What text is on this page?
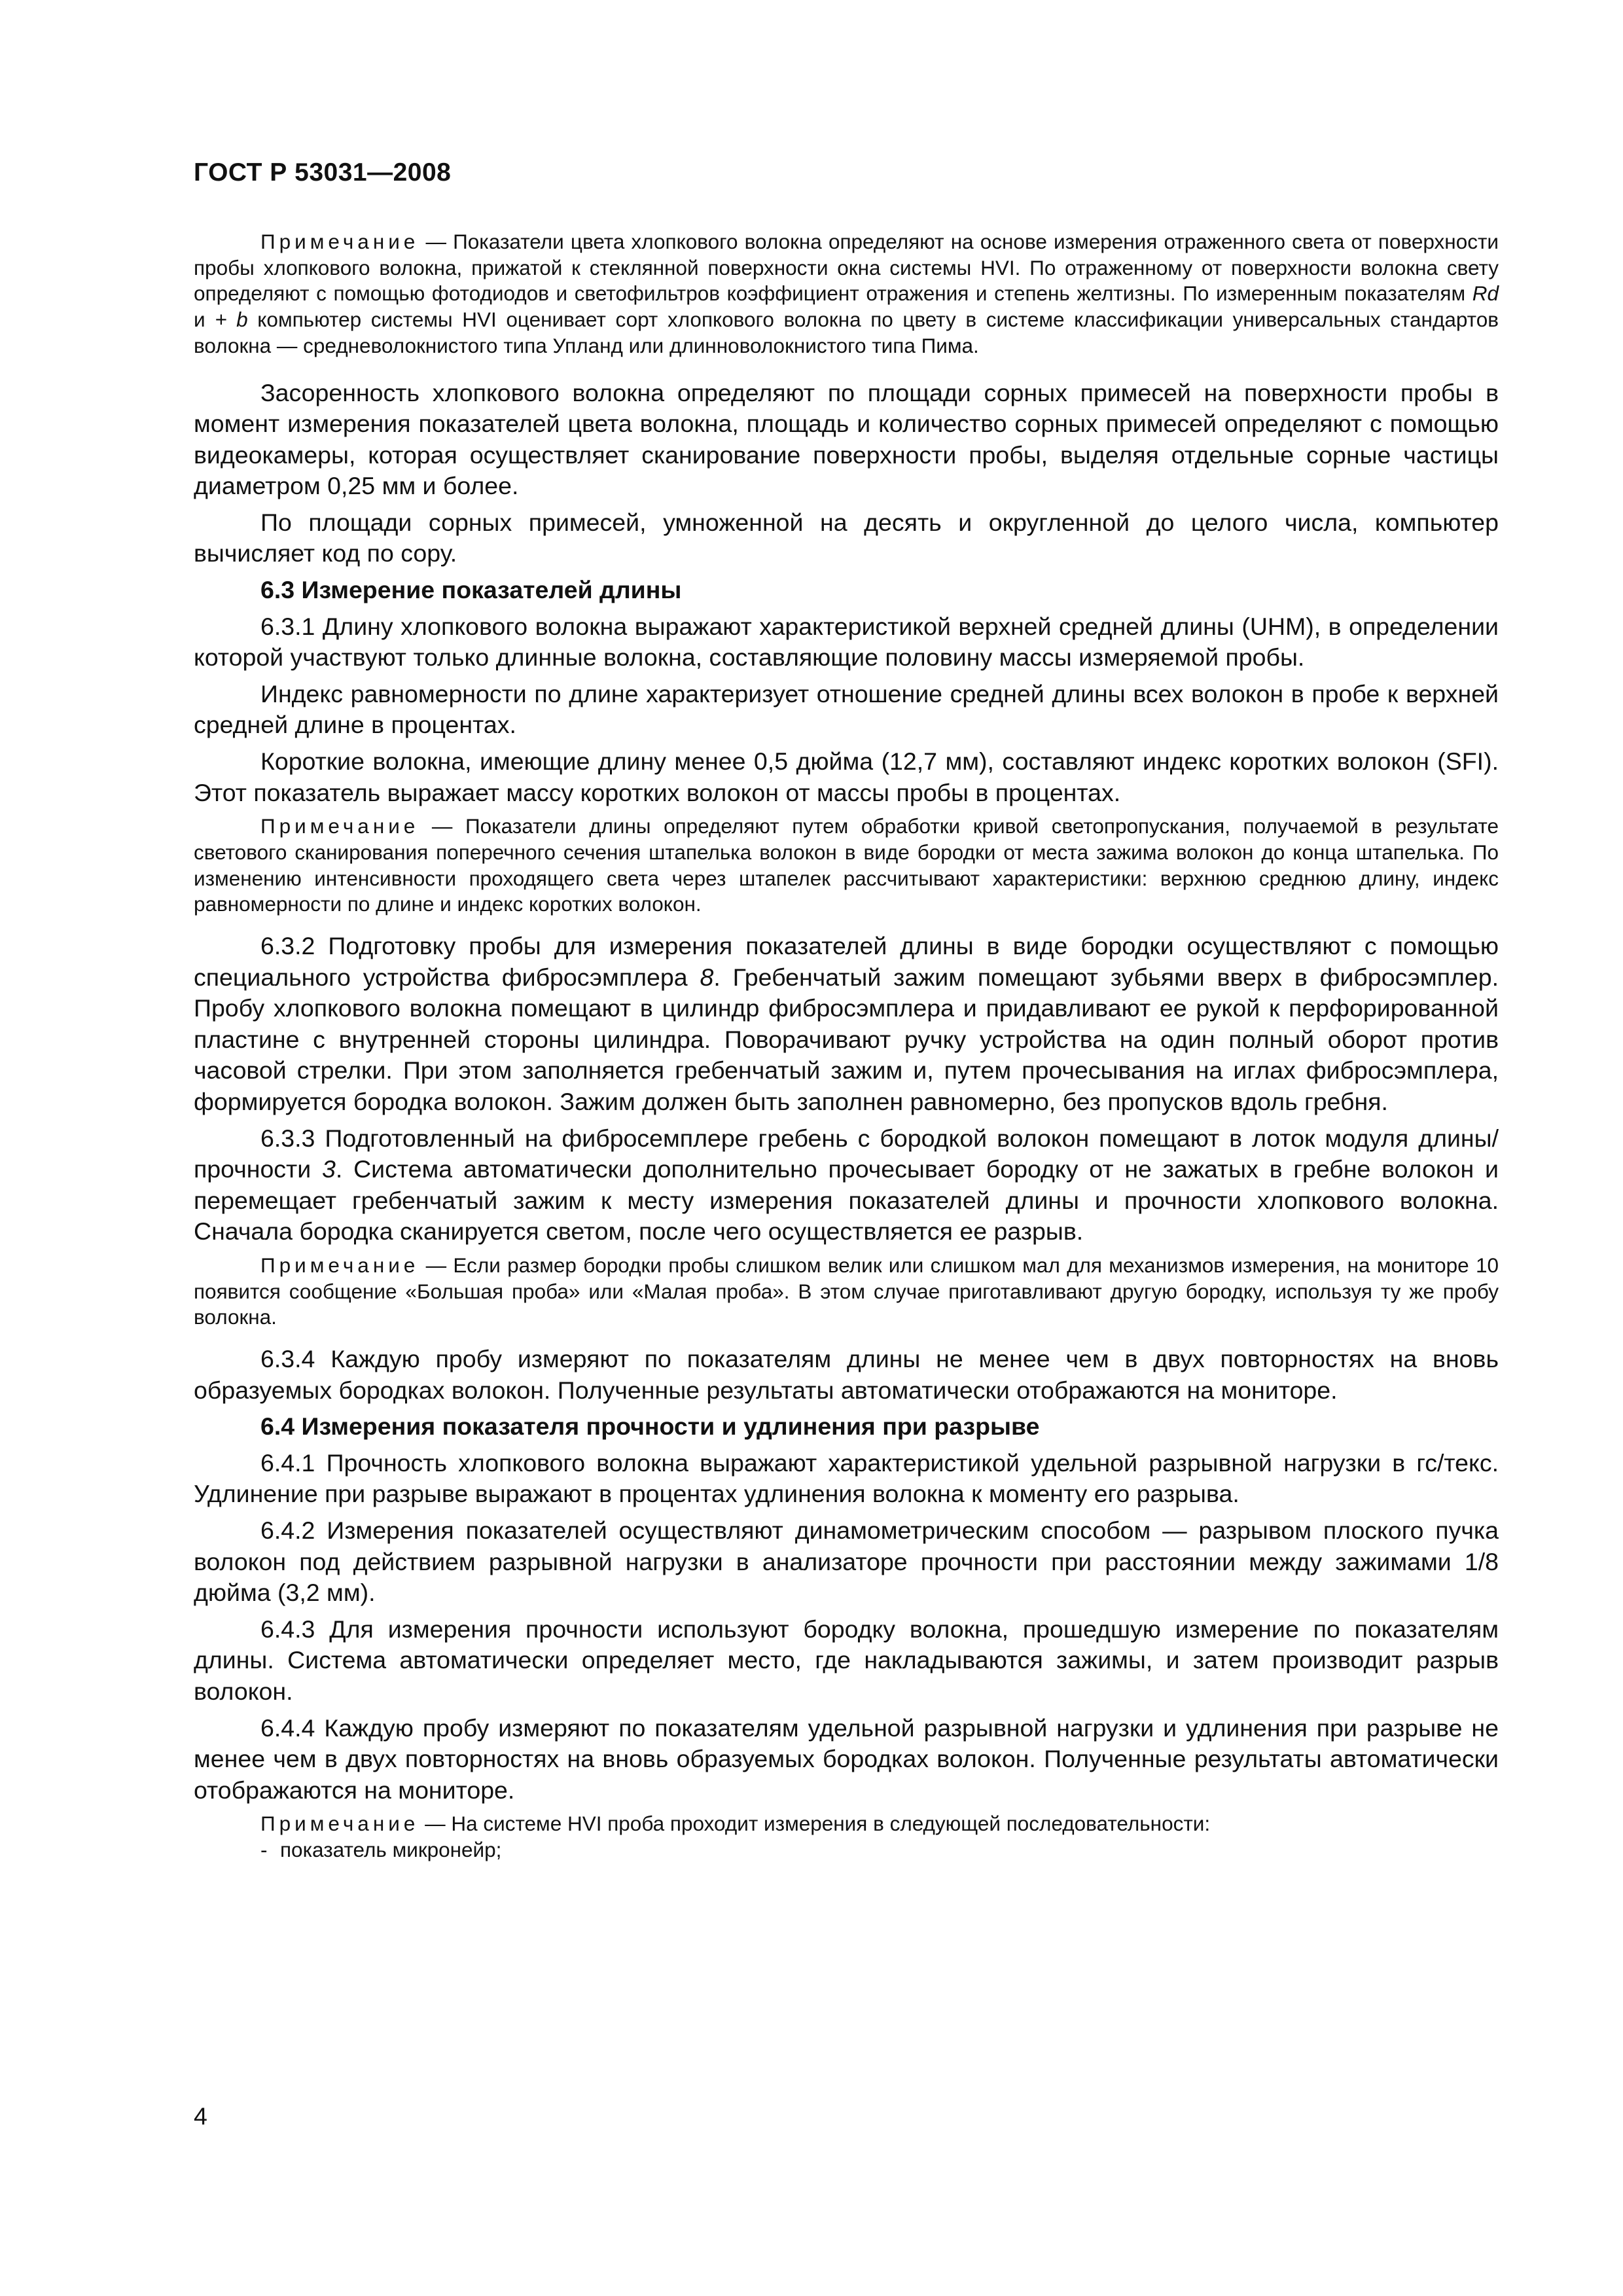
ГОСТ Р 53031—2008

Примечание — Показатели цвета хлопкового волокна определяют на основе измерения отраженного света от поверхности пробы хлопкового волокна, прижатой к стеклянной поверхности окна системы HVI. По отраженному от поверхности волокна свету определяют с помощью фотодиодов и светофильтров коэффициент отражения и степень желтизны. По измеренным показателям Rd и + b компьютер системы HVI оценивает сорт хлопкового волокна по цвету в системе классификации универсальных стандартов волокна — средневолокнистого типа Упланд или длинноволокнистого типа Пима.

Засоренность хлопкового волокна определяют по площади сорных примесей на поверхности пробы в момент измерения показателей цвета волокна, площадь и количество сорных примесей определяют с помощью видеокамеры, которая осуществляет сканирование поверхности пробы, выделяя отдельные сорные частицы диаметром 0,25 мм и более.

По площади сорных примесей, умноженной на десять и округленной до целого числа, компьютер вычисляет код по сору.

6.3 Измерение показателей длины

6.3.1 Длину хлопкового волокна выражают характеристикой верхней средней длины (UHM), в определении которой участвуют только длинные волокна, составляющие половину массы измеряемой пробы.

Индекс равномерности по длине характеризует отношение средней длины всех волокон в пробе к верхней средней длине в процентах.

Короткие волокна, имеющие длину менее 0,5 дюйма (12,7 мм), составляют индекс коротких волокон (SFI). Этот показатель выражает массу коротких волокон от массы пробы в процентах.

Примечание — Показатели длины определяют путем обработки кривой светопропускания, получаемой в результате светового сканирования поперечного сечения штапелька волокон в виде бородки от места зажима волокон до конца штапелька. По изменению интенсивности проходящего света через штапелек рассчитывают характеристики: верхнюю среднюю длину, индекс равномерности по длине и индекс коротких волокон.

6.3.2 Подготовку пробы для измерения показателей длины в виде бородки осуществляют с помощью специального устройства фибросэмплера 8. Гребенчатый зажим помещают зубьями вверх в фибросэмплер. Пробу хлопкового волокна помещают в цилиндр фибросэмплера и придавливают ее рукой к перфорированной пластине с внутренней стороны цилиндра. Поворачивают ручку устройства на один полный оборот против часовой стрелки. При этом заполняется гребенчатый зажим и, путем прочесывания на иглах фибросэмплера, формируется бородка волокон. Зажим должен быть заполнен равномерно, без пропусков вдоль гребня.

6.3.3 Подготовленный на фибросемплере гребень с бородкой волокон помещают в лоток модуля длины/прочности 3. Система автоматически дополнительно прочесывает бородку от не зажатых в гребне волокон и перемещает гребенчатый зажим к месту измерения показателей длины и прочности хлопкового волокна. Сначала бородка сканируется светом, после чего осуществляется ее разрыв.

Примечание — Если размер бородки пробы слишком велик или слишком мал для механизмов измерения, на мониторе 10 появится сообщение «Большая проба» или «Малая проба». В этом случае приготавливают другую бородку, используя ту же пробу волокна.

6.3.4 Каждую пробу измеряют по показателям длины не менее чем в двух повторностях на вновь образуемых бородках волокон. Полученные результаты автоматически отображаются на мониторе.

6.4 Измерения показателя прочности и удлинения при разрыве

6.4.1 Прочность хлопкового волокна выражают характеристикой удельной разрывной нагрузки в гс/текс. Удлинение при разрыве выражают в процентах удлинения волокна к моменту его разрыва.

6.4.2 Измерения показателей осуществляют динамометрическим способом — разрывом плоского пучка волокон под действием разрывной нагрузки в анализаторе прочности при расстоянии между зажимами 1/8 дюйма (3,2 мм).

6.4.3 Для измерения прочности используют бородку волокна, прошедшую измерение по показателям длины. Система автоматически определяет место, где накладываются зажимы, и затем производит разрыв волокон.

6.4.4 Каждую пробу измеряют по показателям удельной разрывной нагрузки и удлинения при разрыве не менее чем в двух повторностях на вновь образуемых бородках волокон. Полученные результаты автоматически отображаются на мониторе.

Примечание — На системе HVI проба проходит измерения в следующей последовательности:

- показатель микронейр;
4
